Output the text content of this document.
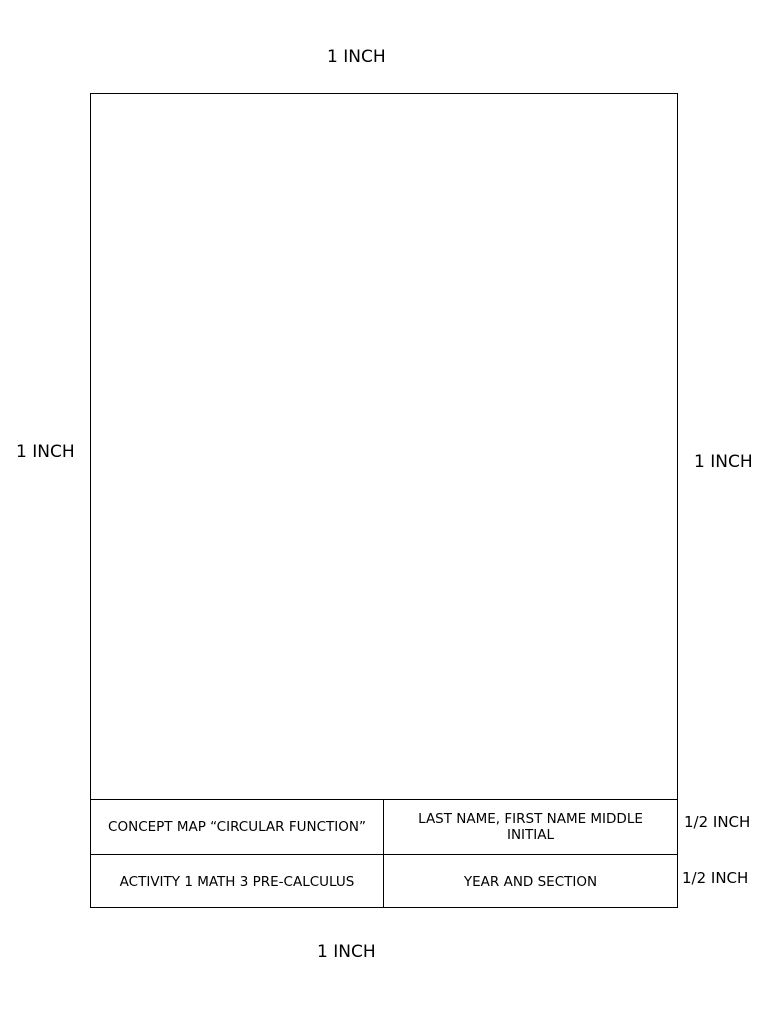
1 INCH
1 INCH	1 INCH
1 INCH
CONCEPT MAP “CIRCULAR FUNCTION”	LAST NAME, FIRST NAME MIDDLE INITIAL
ACTIVITY 1 MATH 3 PRE-CALCULUS	YEAR AND SECTION
1/2 INCH
1/2 INCH
